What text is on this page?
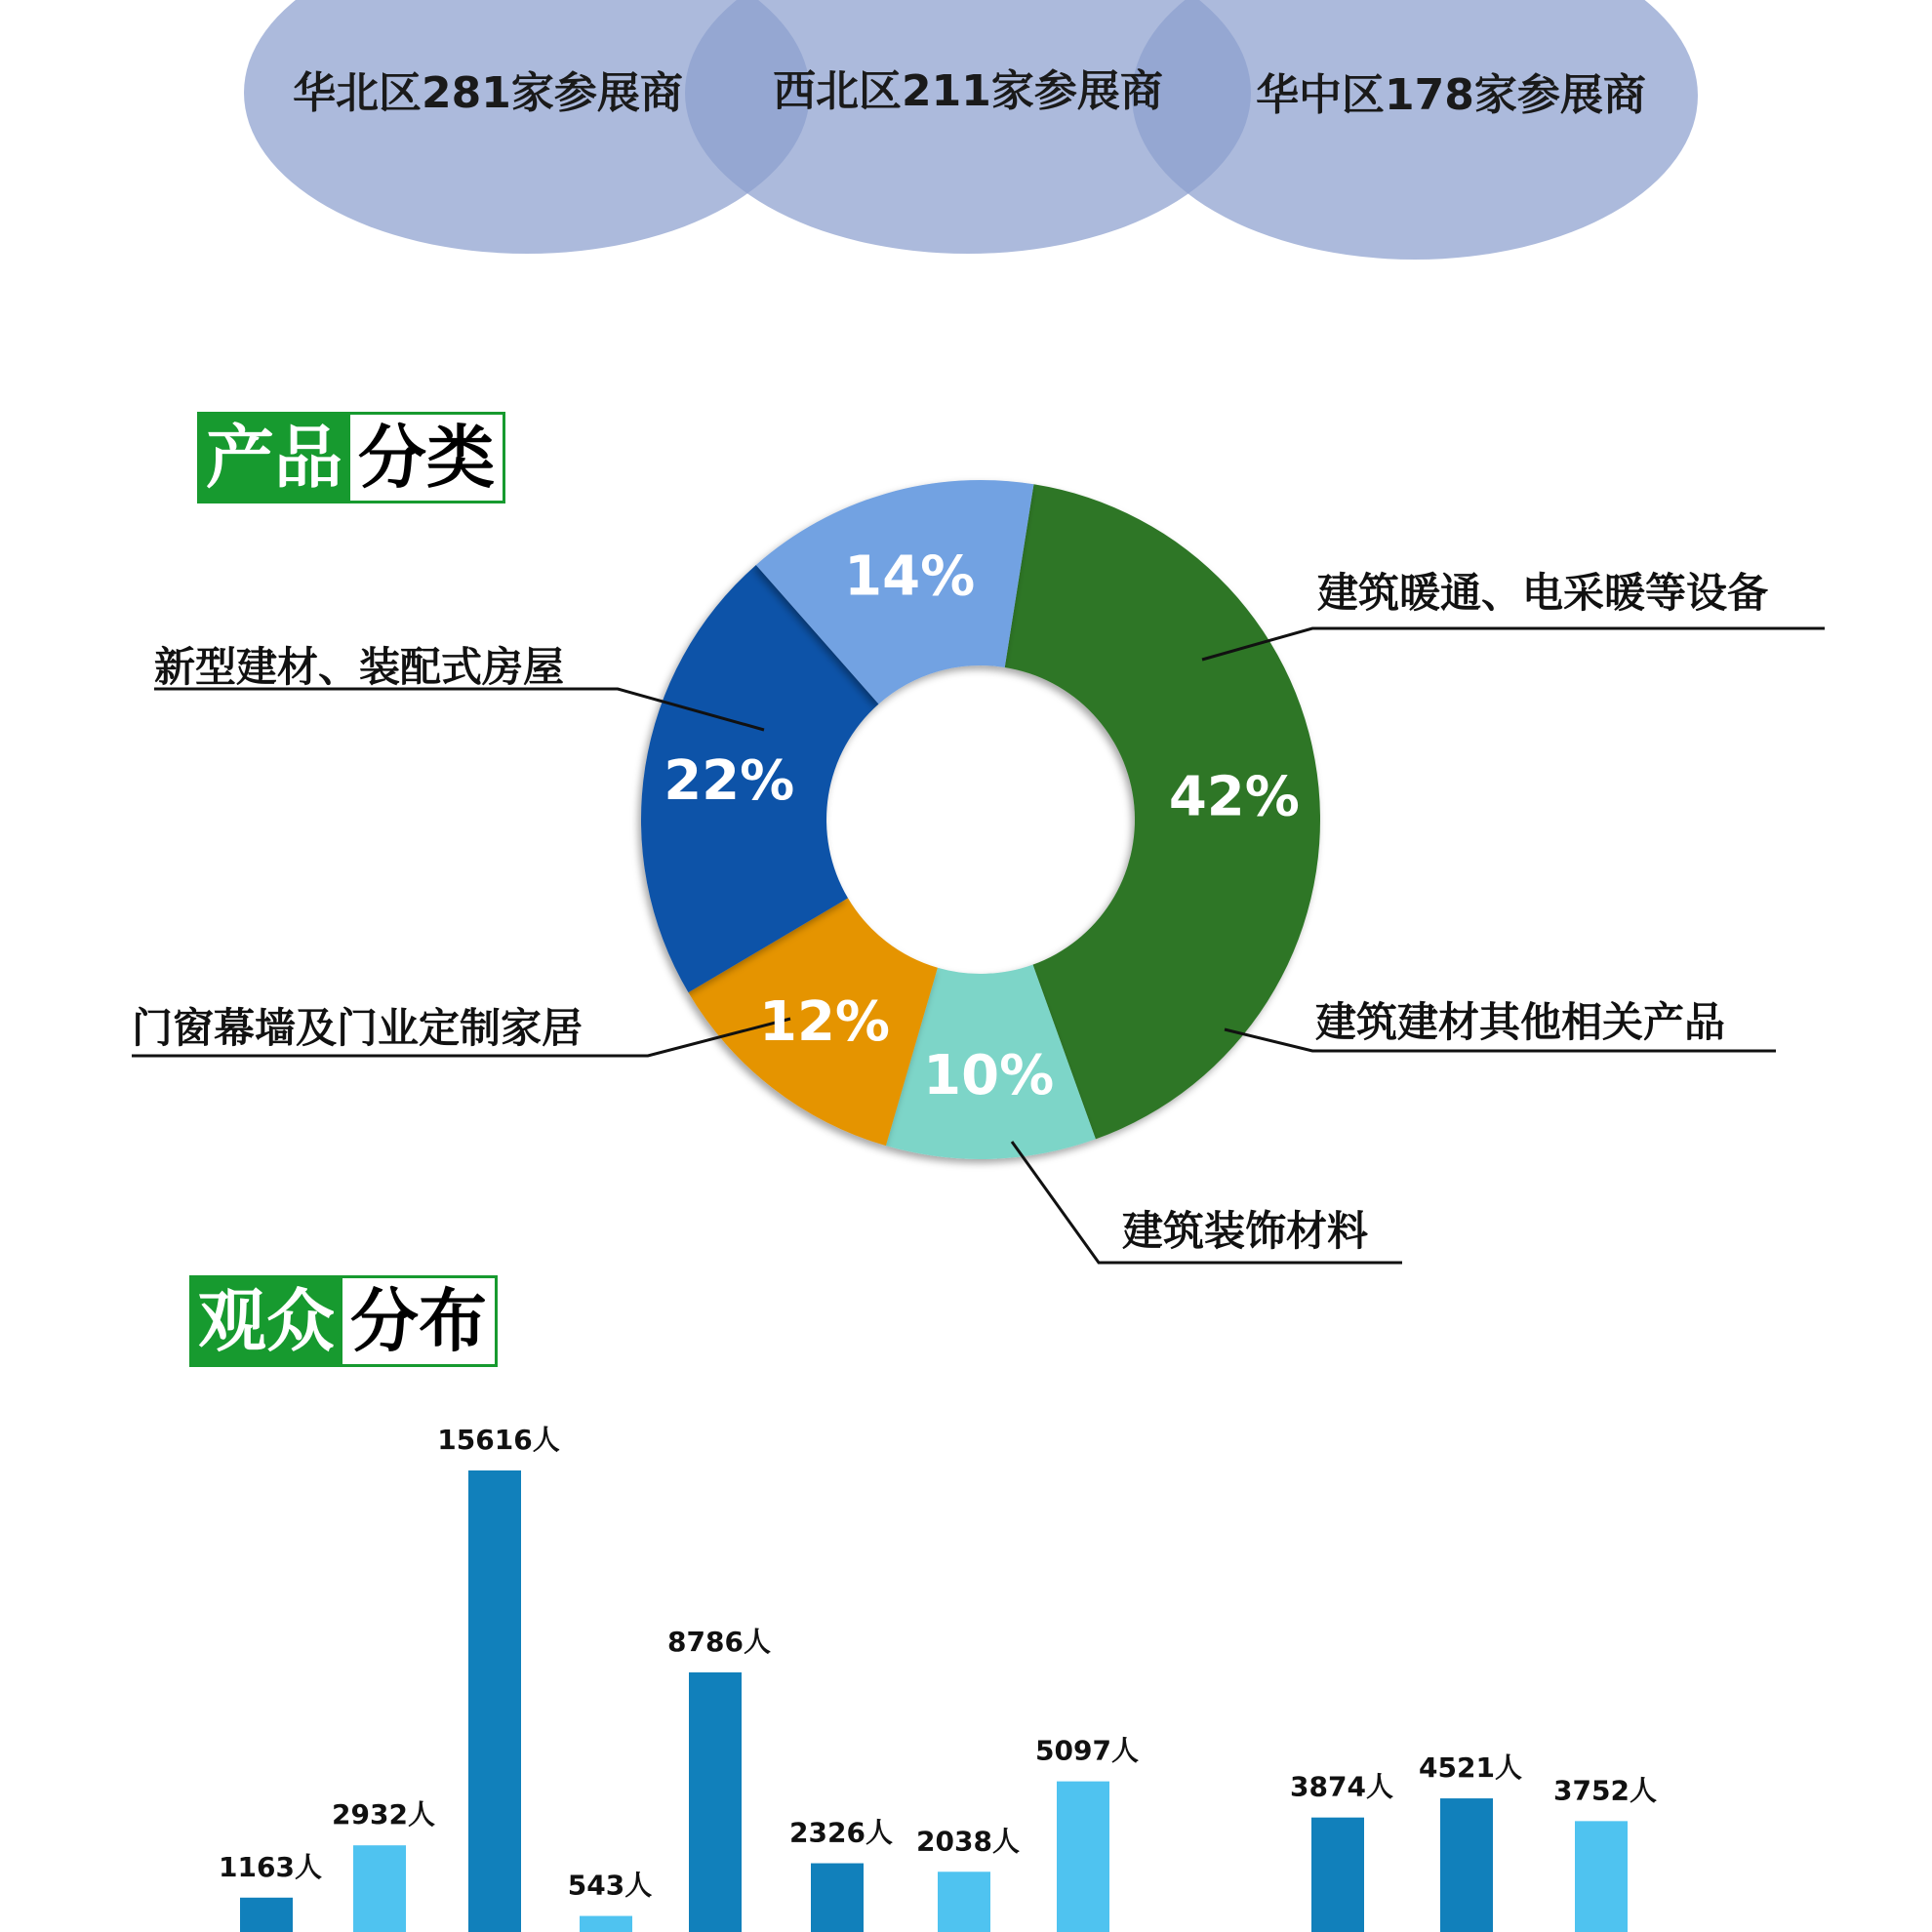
华北区281家参展商 西北区211家参展商 华中区178家参展商
产品 分类
42%
10%
12%
22%
14%	建筑暖通、电采暖等设备
建筑建材其他相关产品
建筑装饰材料
门窗幕墙及门业定制家居
新型建材、装配式房屋
观众 分布
1163人
2932人
15616人
543人
8786人
2326人 2038人
5097人
3874人
4521人
3752人
